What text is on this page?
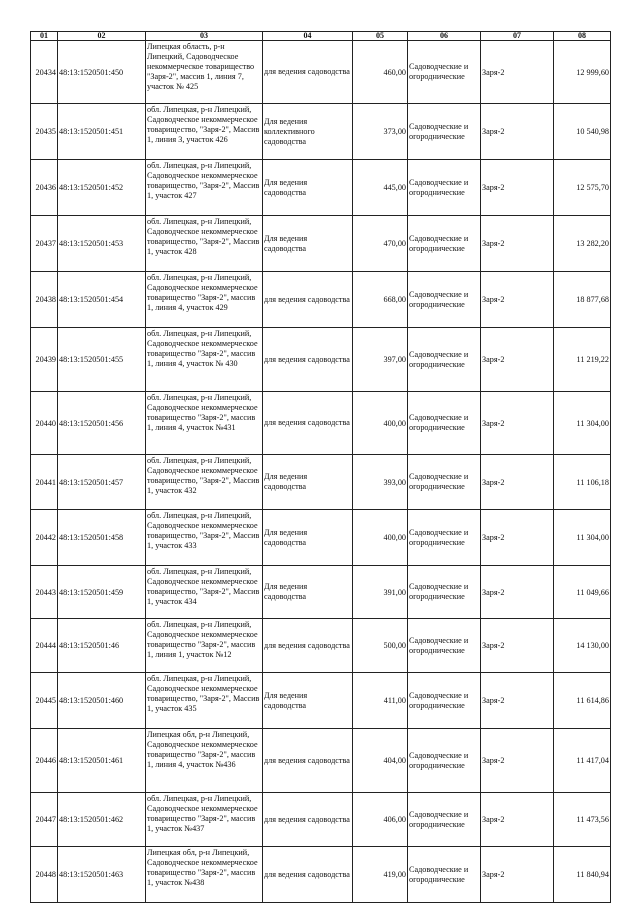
01	02	03	04	05	06	07	08
20434	48:13:1520501:450	Липецкая область, р-н Липецкий, Садоводческое некоммерческое товарищество "Заря-2", массив 1, линия 7, участок № 425	для ведения садоводства	460,00	Садоводческие и огороднические	Заря-2	12 999,60
20435	48:13:1520501:451	обл. Липецкая, р-н Липецкий, Садоводческое некоммерческое товарищество, "Заря-2", Массив 1, линия 3, участок 426	Для ведения коллективного садоводства	373,00	Садоводческие и огороднические	Заря-2	10 540,98
20436	48:13:1520501:452	обл. Липецкая, р-н Липецкий, Садоводческое некоммерческое товарищество, "Заря-2", Массив 1, участок 427	Для ведения садоводства	445,00	Садоводческие и огороднические	Заря-2	12 575,70
20437	48:13:1520501:453	обл. Липецкая, р-н Липецкий, Садоводческое некоммерческое товарищество, "Заря-2", Массив 1, участок 428	Для ведения садоводства	470,00	Садоводческие и огороднические	Заря-2	13 282,20
20438	48:13:1520501:454	обл. Липецкая, р-н Липецкий, Садоводческое некоммерческое товарищество "Заря-2", массив 1, линия 4, участок 429	для ведения садоводства	668,00	Садоводческие и огороднические	Заря-2	18 877,68
20439	48:13:1520501:455	обл. Липецкая, р-н Липецкий, Садоводческое некоммерческое товарищество "Заря-2", массив 1, линия 4, участок № 430	для ведения садоводства	397,00	Садоводческие и огороднические	Заря-2	11 219,22
20440	48:13:1520501:456	обл. Липецкая, р-н Липецкий, Садоводческое некоммерческое товарищество "Заря-2", массив 1, линия 4, участок №431	для ведения садоводства	400,00	Садоводческие и огороднические	Заря-2	11 304,00
20441	48:13:1520501:457	обл. Липецкая, р-н Липецкий, Садоводческое некоммерческое товарищество, "Заря-2", Массив 1, участок 432	Для ведения садоводства	393,00	Садоводческие и огороднические	Заря-2	11 106,18
20442	48:13:1520501:458	обл. Липецкая, р-н Липецкий, Садоводческое некоммерческое товарищество, "Заря-2", Массив 1, участок 433	Для ведения садоводства	400,00	Садоводческие и огороднические	Заря-2	11 304,00
20443	48:13:1520501:459	обл. Липецкая, р-н Липецкий, Садоводческое некоммерческое товарищество, "Заря-2", Массив 1, участок 434	Для ведения садоводства	391,00	Садоводческие и огороднические	Заря-2	11 049,66
20444	48:13:1520501:46	обл. Липецкая, р-н Липецкий, Садоводческое некоммерческое товарищество "Заря-2", массив 1, линия 1, участок №12	для ведения садоводства	500,00	Садоводческие и огороднические	Заря-2	14 130,00
20445	48:13:1520501:460	обл. Липецкая, р-н Липецкий, Садоводческое некоммерческое товарищество, "Заря-2", Массив 1, участок 435	Для ведения садоводства	411,00	Садоводческие и огороднические	Заря-2	11 614,86
20446	48:13:1520501:461	Липецкая обл, р-н Липецкий, Садоводческое некоммерческое товарищество "Заря-2", массив 1, линия 4, участок №436	для ведения садоводства	404,00	Садоводческие и огороднические	Заря-2	11 417,04
20447	48:13:1520501:462	обл. Липецкая, р-н Липецкий, Садоводческое некоммерческое товарищество "Заря-2", массив 1, участок №437	для ведения садоводства	406,00	Садоводческие и огороднические	Заря-2	11 473,56
20448	48:13:1520501:463	Липецкая обл, р-н Липецкий, Садоводческое некоммерческое товарищество "Заря-2", массив 1, участок №438	для ведения садоводства	419,00	Садоводческие и огороднические	Заря-2	11 840,94
